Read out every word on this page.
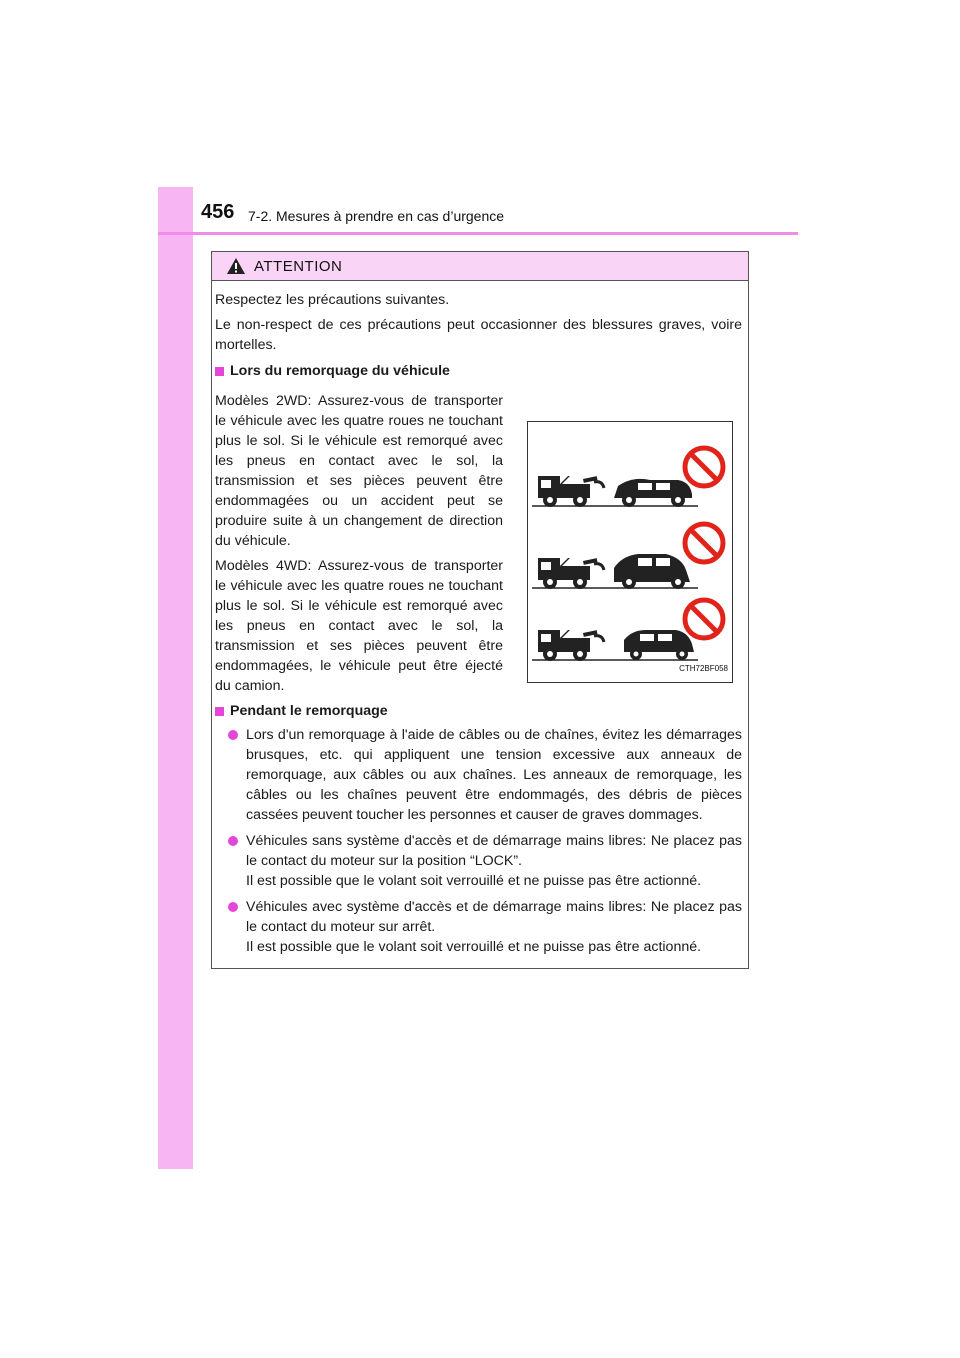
456 7-2. Mesures à prendre en cas d’urgence
ATTENTION

Respectez les précautions suivantes.

Le non-respect de ces précautions peut occasionner des blessures graves, voire mortelles.

Lors du remorquage du véhicule

Modèles 2WD: Assurez-vous de transporter le véhicule avec les quatre roues ne touchant plus le sol. Si le véhicule est remorqué avec les pneus en contact avec le sol, la transmission et ses pièces peuvent être endommagées ou un accident peut se produire suite à un changement de direction du véhicule.

Modèles 4WD: Assurez-vous de transporter le véhicule avec les quatre roues ne touchant plus le sol. Si le véhicule est remorqué avec les pneus en contact avec le sol, la transmission et ses pièces peuvent être endommagées, le véhicule peut être éjecté du camion.

CTH72BF058
Pendant le remorquage
Lors d'un remorquage à l'aide de câbles ou de chaînes, évitez les démarrages brusques, etc. qui appliquent une tension excessive aux anneaux de remorquage, aux câbles ou aux chaînes. Les anneaux de remorquage, les câbles ou les chaînes peuvent être endommagés, des débris de pièces cassées peuvent toucher les personnes et causer de graves dommages.
Véhicules sans système d'accès et de démarrage mains libres: Ne placez pas le contact du moteur sur la position “LOCK”.
Il est possible que le volant soit verrouillé et ne puisse pas être actionné.
Véhicules avec système d'accès et de démarrage mains libres: Ne placez pas le contact du moteur sur arrêt.
Il est possible que le volant soit verrouillé et ne puisse pas être actionné.
